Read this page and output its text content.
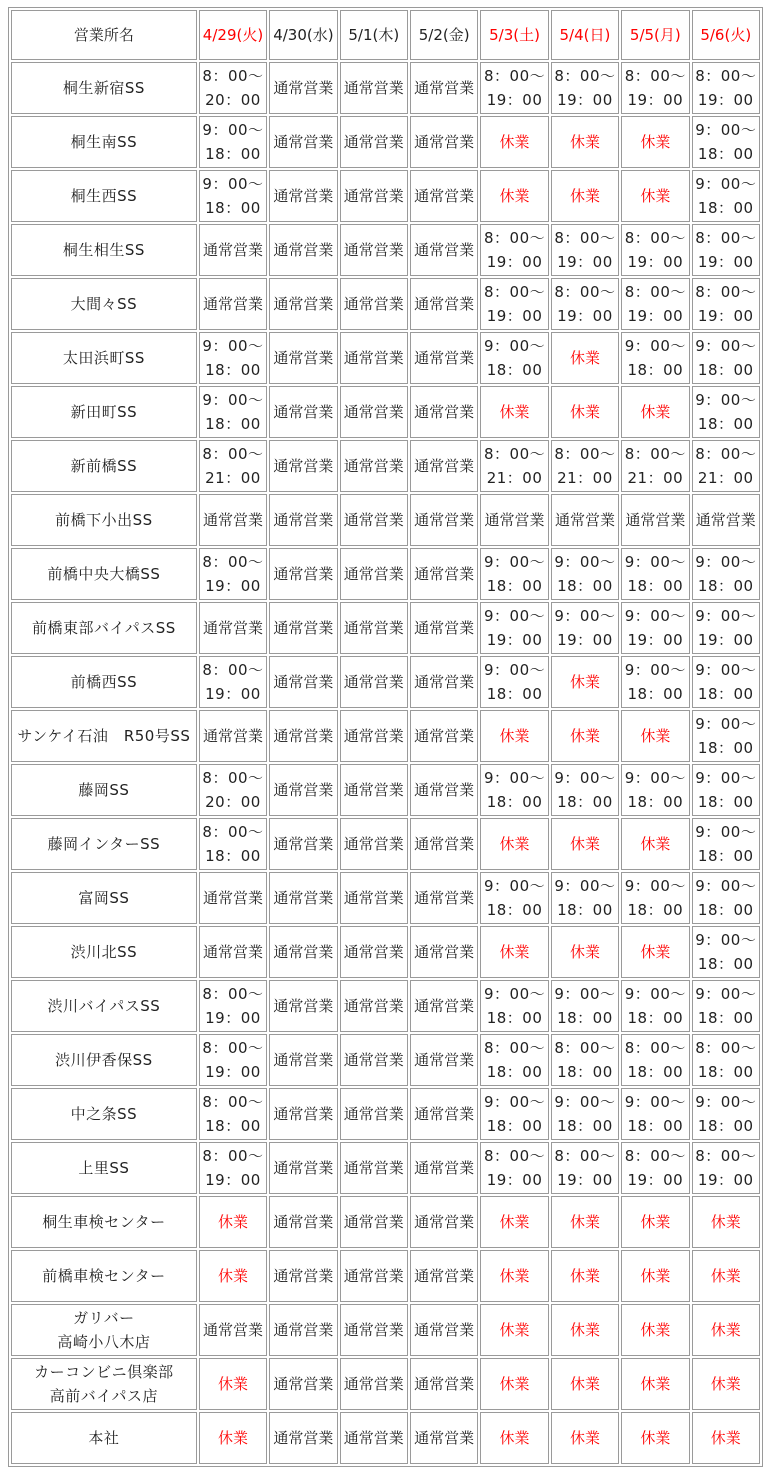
営業所名	4/29(火)	4/30(水)	5/1(木)	5/2(金)	5/3(土)	5/4(日)	5/5(月)	5/6(火)

桐生新宿SS	8：00〜
20：00	通常営業	通常営業	通常営業	8：00〜
19：00	8：00〜
19：00	8：00〜
19：00	8：00〜
19：00

桐生南SS	9：00〜
18：00	通常営業	通常営業	通常営業	休業	休業	休業	9：00〜
18：00

桐生西SS	9：00〜
18：00	通常営業	通常営業	通常営業	休業	休業	休業	9：00〜
18：00

桐生相生SS	通常営業	通常営業	通常営業	通常営業	8：00〜
19：00	8：00〜
19：00	8：00〜
19：00	8：00〜
19：00

大間々SS	通常営業	通常営業	通常営業	通常営業	8：00〜
19：00	8：00〜
19：00	8：00〜
19：00	8：00〜
19：00

太田浜町SS	9：00〜
18：00	通常営業	通常営業	通常営業	9：00〜
18：00	休業	9：00〜
18：00	9：00〜
18：00

新田町SS	9：00〜
18：00	通常営業	通常営業	通常営業	休業	休業	休業	9：00〜
18：00

新前橋SS	8：00〜
21：00	通常営業	通常営業	通常営業	8：00〜
21：00	8：00〜
21：00	8：00〜
21：00	8：00〜
21：00

前橋下小出SS	通常営業	通常営業	通常営業	通常営業	通常営業	通常営業	通常営業	通常営業

前橋中央大橋SS	8：00〜
19：00	通常営業	通常営業	通常営業	9：00〜
18：00	9：00〜
18：00	9：00〜
18：00	9：00〜
18：00

前橋東部バイパスSS	通常営業	通常営業	通常営業	通常営業	9：00〜
19：00	9：00〜
19：00	9：00〜
19：00	9：00〜
19：00

前橋西SS	8：00〜
19：00	通常営業	通常営業	通常営業	9：00〜
18：00	休業	9：00〜
18：00	9：00〜
18：00

サンケイ石油　R50号SS	通常営業	通常営業	通常営業	通常営業	休業	休業	休業	9：00〜
18：00

藤岡SS	8：00〜
20：00	通常営業	通常営業	通常営業	9：00〜
18：00	9：00〜
18：00	9：00〜
18：00	9：00〜
18：00

藤岡インターSS	8：00〜
18：00	通常営業	通常営業	通常営業	休業	休業	休業	9：00〜
18：00

富岡SS	通常営業	通常営業	通常営業	通常営業	9：00〜
18：00	9：00〜
18：00	9：00〜
18：00	9：00〜
18：00

渋川北SS	通常営業	通常営業	通常営業	通常営業	休業	休業	休業	9：00〜
18：00

渋川バイパスSS	8：00〜
19：00	通常営業	通常営業	通常営業	9：00〜
18：00	9：00〜
18：00	9：00〜
18：00	9：00〜
18：00

渋川伊香保SS	8：00〜
19：00	通常営業	通常営業	通常営業	8：00〜
18：00	8：00〜
18：00	8：00〜
18：00	8：00〜
18：00

中之条SS	8：00〜
18：00	通常営業	通常営業	通常営業	9：00〜
18：00	9：00〜
18：00	9：00〜
18：00	9：00〜
18：00

上里SS	8：00〜
19：00	通常営業	通常営業	通常営業	8：00〜
19：00	8：00〜
19：00	8：00〜
19：00	8：00〜
19：00

桐生車検センター	休業	通常営業	通常営業	通常営業	休業	休業	休業	休業

前橋車検センター	休業	通常営業	通常営業	通常営業	休業	休業	休業	休業

ガリバー
高崎小八木店	通常営業	通常営業	通常営業	通常営業	休業	休業	休業	休業

カーコンビニ倶楽部
高前バイパス店	休業	通常営業	通常営業	通常営業	休業	休業	休業	休業

本社	休業	通常営業	通常営業	通常営業	休業	休業	休業	休業
